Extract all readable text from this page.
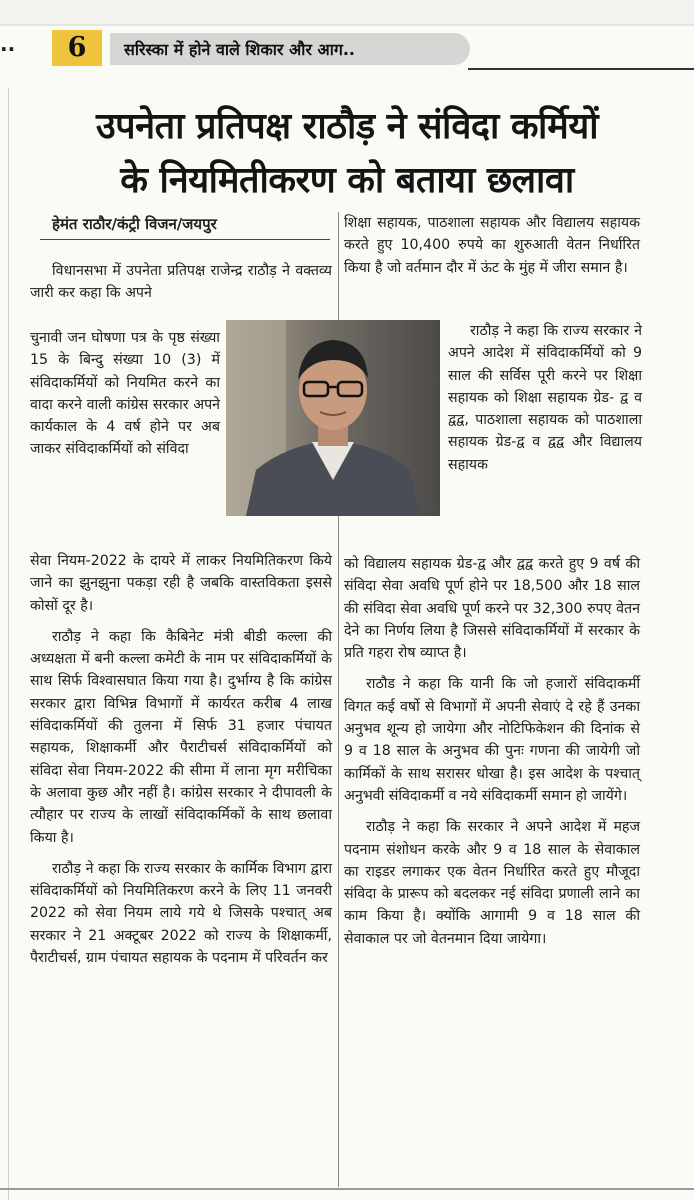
..	6	सरिस्का में होने वाले शिकार और आग..
उपनेता प्रतिपक्ष राठौड़ ने संविदा कर्मियों
के नियमितीकरण को बताया छलावा
हेमंत राठौर/कंट्री विजन/जयपुर

विधानसभा में उपनेता प्रतिपक्ष राजेन्द्र राठौड़ ने वक्तव्य जारी कर कहा कि अपने

चुनावी जन घोषणा पत्र के पृष्ठ संख्या 15 के बिन्दु संख्या 10 (3) में संविदाकर्मियों को नियमित करने का वादा करने वाली कांग्रेस सरकार अपने कार्यकाल के 4 वर्ष होने पर अब जाकर संविदाकर्मियों को संविदा

सेवा नियम-2022 के दायरे में लाकर नियमितिकरण किये जाने का झुनझुना पकड़ा रही है जबकि वास्तविकता इससे कोसों दूर है।

राठौड़ ने कहा कि कैबिनेट मंत्री बीडी कल्ला की अध्यक्षता में बनी कल्ला कमेटी के नाम पर संविदाकर्मियों के साथ सिर्फ विश्वासघात किया गया है। दुर्भाग्य है कि कांग्रेस सरकार द्वारा विभिन्न विभागों में कार्यरत करीब 4 लाख संविदाकर्मियों की तुलना में सिर्फ 31 हजार पंचायत सहायक, शिक्षाकर्मी और पैराटीचर्स संविदाकर्मियों को संविदा सेवा नियम-2022 की सीमा में लाना मृग मरीचिका के अलावा कुछ और नहीं है। कांग्रेस सरकार ने दीपावली के त्यौहार पर राज्य के लाखों संविदाकर्मिकों के साथ छलावा किया है।

राठौड़ ने कहा कि राज्य सरकार के कार्मिक विभाग द्वारा संविदाकर्मियों को नियमितिकरण करने के लिए 11 जनवरी 2022 को सेवा नियम लाये गये थे जिसके पश्चात् अब सरकार ने 21 अक्टूबर 2022 को राज्य के शिक्षाकर्मी, पैराटीचर्स, ग्राम पंचायत सहायक के पदनाम में परिवर्तन कर

शिक्षा सहायक, पाठशाला सहायक और विद्यालय सहायक करते हुए 10,400 रुपये का शुरुआती वेतन निर्धारित किया है जो वर्तमान दौर में ऊंट के मुंह में जीरा समान है।

राठौड़ ने कहा कि राज्य सरकार ने अपने आदेश में संविदाकर्मियों को 9 साल की सर्विस पूरी करने पर शिक्षा सहायक को शिक्षा सहायक ग्रेड- द्व व द्वद्व, पाठशाला सहायक को पाठशाला सहायक ग्रेड-द्व व द्वद्व और विद्यालय सहायक

को विद्यालय सहायक ग्रेड-द्व और द्वद्व करते हुए 9 वर्ष की संविदा सेवा अवधि पूर्ण होने पर 18,500 और 18 साल की संविदा सेवा अवधि पूर्ण करने पर 32,300 रुपए वेतन देने का निर्णय लिया है जिससे संविदाकर्मियों में सरकार के प्रति गहरा रोष व्याप्त है।

राठौड ने कहा कि यानी कि जो हजारों संविदाकर्मी विगत कई वर्षो से विभागों में अपनी सेवाएं दे रहे हैं उनका अनुभव शून्य हो जायेगा और नोटिफिकेशन की दिनांक से 9 व 18 साल के अनुभव की पुनः गणना की जायेगी जो कार्मिकों के साथ सरासर धोखा है। इस आदेश के पश्चात् अनुभवी संविदाकर्मी व नये संविदाकर्मी समान हो जायेंगे।

राठौड़ ने कहा कि सरकार ने अपने आदेश में महज पदनाम संशोधन करके और 9 व 18 साल के सेवाकाल का राइडर लगाकर एक वेतन निर्धारित करते हुए मौजूदा संविदा के प्रारूप को बदलकर नई संविदा प्रणाली लाने का काम किया है। क्योंकि आगामी 9 व 18 साल की सेवाकाल पर जो वेतनमान दिया जायेगा।
